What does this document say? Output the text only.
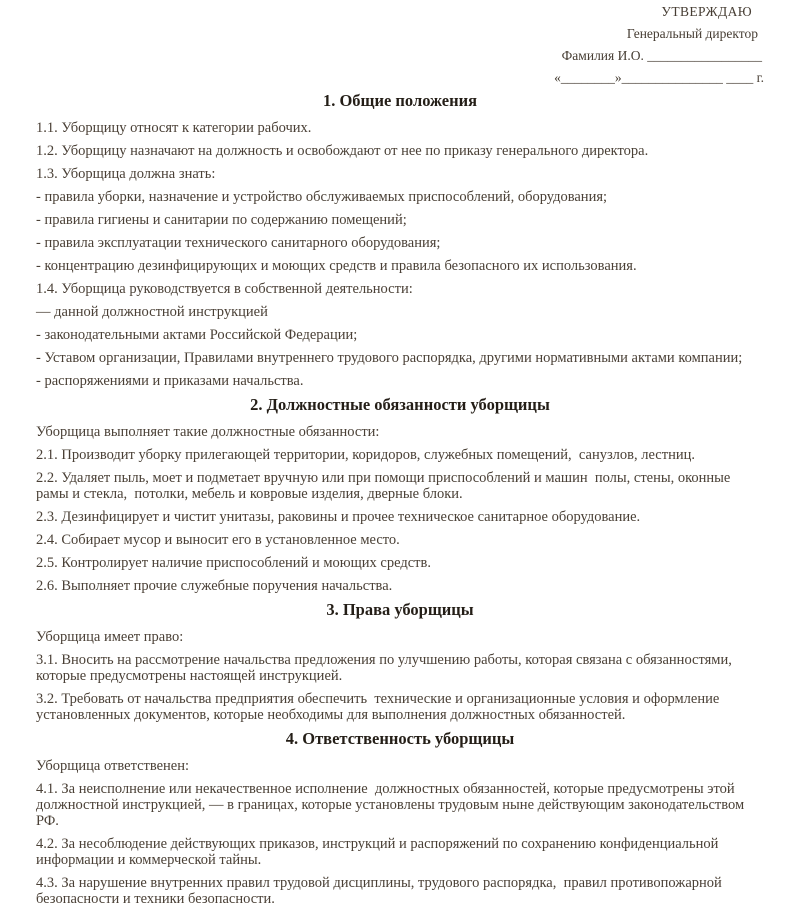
УТВЕРЖДАЮ
Генеральный директор
Фамилия И.О. _________________
«________»_______________ ____ г.
1. Общие положения

1.1. Уборщицу относят к категории рабочих.

1.2. Уборщицу назначают на должность и освобождают от нее по приказу генерального директора.

1.3. Уборщица должна знать:

- правила уборки, назначение и устройство обслуживаемых приспособлений, оборудования;

- правила гигиены и санитарии по содержанию помещений;

- правила эксплуатации технического санитарного оборудования;

- концентрацию дезинфицирующих и моющих средств и правила безопасного их использования.

1.4. Уборщица руководствуется в собственной деятельности:

— данной должностной инструкцией

- законодательными актами Российской Федерации;

- Уставом организации, Правилами внутреннего трудового распорядка, другими нормативными актами компании;

- распоряжениями и приказами начальства.

2. Должностные обязанности уборщицы

Уборщица выполняет такие должностные обязанности:

2.1. Производит уборку прилегающей территории, коридоров, служебных помещений,  санузлов, лестниц.

2.2. Удаляет пыль, моет и подметает вручную или при помощи приспособлений и машин  полы, стены, оконные рамы и стекла,  потолки, мебель и ковровые изделия, дверные блоки.

2.3. Дезинфицирует и чистит унитазы, раковины и прочее техническое санитарное оборудование.

2.4. Собирает мусор и выносит его в установленное место.

2.5. Контролирует наличие приспособлений и моющих средств.

2.6. Выполняет прочие служебные поручения начальства.

3. Права уборщицы

Уборщица имеет право:

3.1. Вносить на рассмотрение начальства предложения по улучшению работы, которая связана с обязанностями, которые предусмотрены настоящей инструкцией.

3.2. Требовать от начальства предприятия обеспечить  технические и организационные условия и оформление установленных документов, которые необходимы для выполнения должностных обязанностей.

4. Ответственность уборщицы

Уборщица ответственен:

4.1. За неисполнение или некачественное исполнение  должностных обязанностей, которые предусмотрены этой должностной инструкцией, — в границах, которые установлены трудовым ныне действующим законодательством РФ.

4.2. За несоблюдение действующих приказов, инструкций и распоряжений по сохранению конфиденциальной информации и коммерческой тайны.

4.3. За нарушение внутренних правил трудовой дисциплины, трудового распорядка,  правил противопожарной безопасности и техники безопасности.
